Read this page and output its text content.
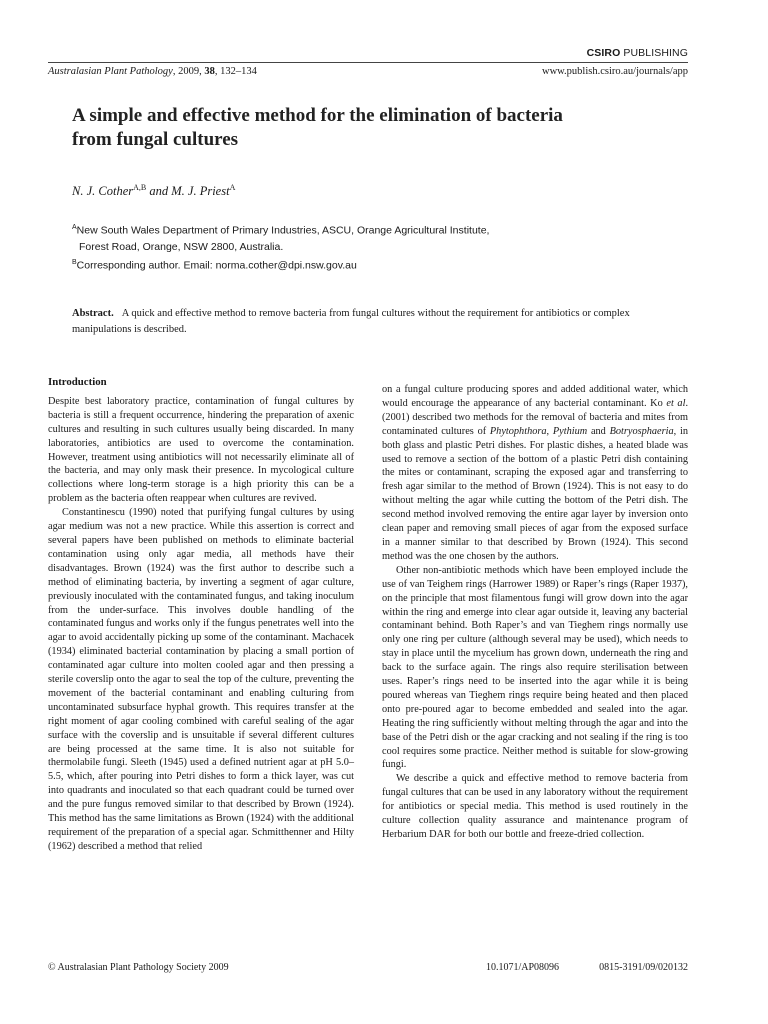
CSIRO PUBLISHING
Australasian Plant Pathology, 2009, 38, 132–134	www.publish.csiro.au/journals/app
A simple and effective method for the elimination of bacteria from fungal cultures
N. J. Cother$^{A,B}$ and M. J. Priest$^A$
$^A$New South Wales Department of Primary Industries, ASCU, Orange Agricultural Institute,
Forest Road, Orange, NSW 2800, Australia.
$^B$Corresponding author. Email: norma.cother@dpi.nsw.gov.au
Abstract. A quick and effective method to remove bacteria from fungal cultures without the requirement for antibiotics or complex manipulations is described.
Introduction

Despite best laboratory practice, contamination of fungal cultures by bacteria is still a frequent occurrence, hindering the preparation of axenic cultures and resulting in such cultures usually being discarded. In many laboratories, antibiotics are used to overcome the contamination. However, treatment using antibiotics will not necessarily eliminate all of the bacteria, and may only mask their presence. In mycological culture collections where long-term storage is a high priority this can be a problem as the bacteria often reappear when cultures are revived.

Constantinescu (1990) noted that purifying fungal cultures by using agar medium was not a new practice. While this assertion is correct and several papers have been published on methods to eliminate bacterial contamination using only agar media, all methods have their disadvantages. Brown (1924) was the first author to describe such a method of eliminating bacteria, by inverting a segment of agar culture, previously inoculated with the contaminated fungus, and taking inoculum from the under-surface. This involves double handling of the contaminated fungus and works only if the fungus penetrates well into the agar to avoid accidentally picking up some of the contaminant. Machacek (1934) eliminated bacterial contamination by placing a small portion of contaminated agar culture into molten cooled agar and then pressing a sterile coverslip onto the agar to seal the top of the culture, preventing the movement of the bacterial contaminant and enabling culturing from uncontaminated subsurface hyphal growth. This requires transfer at the right moment of agar cooling combined with careful sealing of the agar surface with the coverslip and is unsuitable if several different cultures are being processed at the same time. It is also not suitable for thermolabile fungi. Sleeth (1945) used a defined nutrient agar at pH 5.0–5.5, which, after pouring into Petri dishes to form a thick layer, was cut into quadrants and inoculated so that each quadrant could be turned over and the pure fungus removed similar to that described by Brown (1924). This method has the same limitations as Brown (1924) with the additional requirement of the preparation of a special agar. Schmitthenner and Hilty (1962) described a method that relied

on a fungal culture producing spores and added additional water, which would encourage the appearance of any bacterial contaminant. Ko et al. (2001) described two methods for the removal of bacteria and mites from contaminated cultures of Phytophthora, Pythium and Botryosphaeria, in both glass and plastic Petri dishes. For plastic dishes, a heated blade was used to remove a section of the bottom of a plastic Petri dish containing the mites or contaminant, scraping the exposed agar and transferring to fresh agar similar to the method of Brown (1924). This is not easy to do without melting the agar while cutting the bottom of the Petri dish. The second method involved removing the entire agar layer by inversion onto clean paper and removing small pieces of agar from the exposed surface in a manner similar to that described by Brown (1924). This second method was the one chosen by the authors.

Other non-antibiotic methods which have been employed include the use of van Teighem rings (Harrower 1989) or Raper’s rings (Raper 1937), on the principle that most filamentous fungi will grow down into the agar within the ring and emerge into clear agar outside it, leaving any bacterial contaminant behind. Both Raper’s and van Tieghem rings normally use only one ring per culture (although several may be used), which needs to stay in place until the mycelium has grown down, underneath the ring and back to the surface again. The rings also require sterilisation between uses. Raper’s rings need to be inserted into the agar while it is being poured whereas van Tieghem rings require being heated and then placed onto pre-poured agar to become embedded and sealed into the agar. Heating the ring sufficiently without melting through the agar and into the base of the Petri dish or the agar cracking and not sealing if the ring is too cool requires some practice. Neither method is suitable for slow-growing fungi.

We describe a quick and effective method to remove bacteria from fungal cultures that can be used in any laboratory without the requirement for antibiotics or special media. This method is used routinely in the culture collection quality assurance and maintenance program of Herbarium DAR for both our bottle and freeze-dried collection.

© Australasian Plant Pathology Society 2009	10.1071/AP08096	0815-3191/09/020132
